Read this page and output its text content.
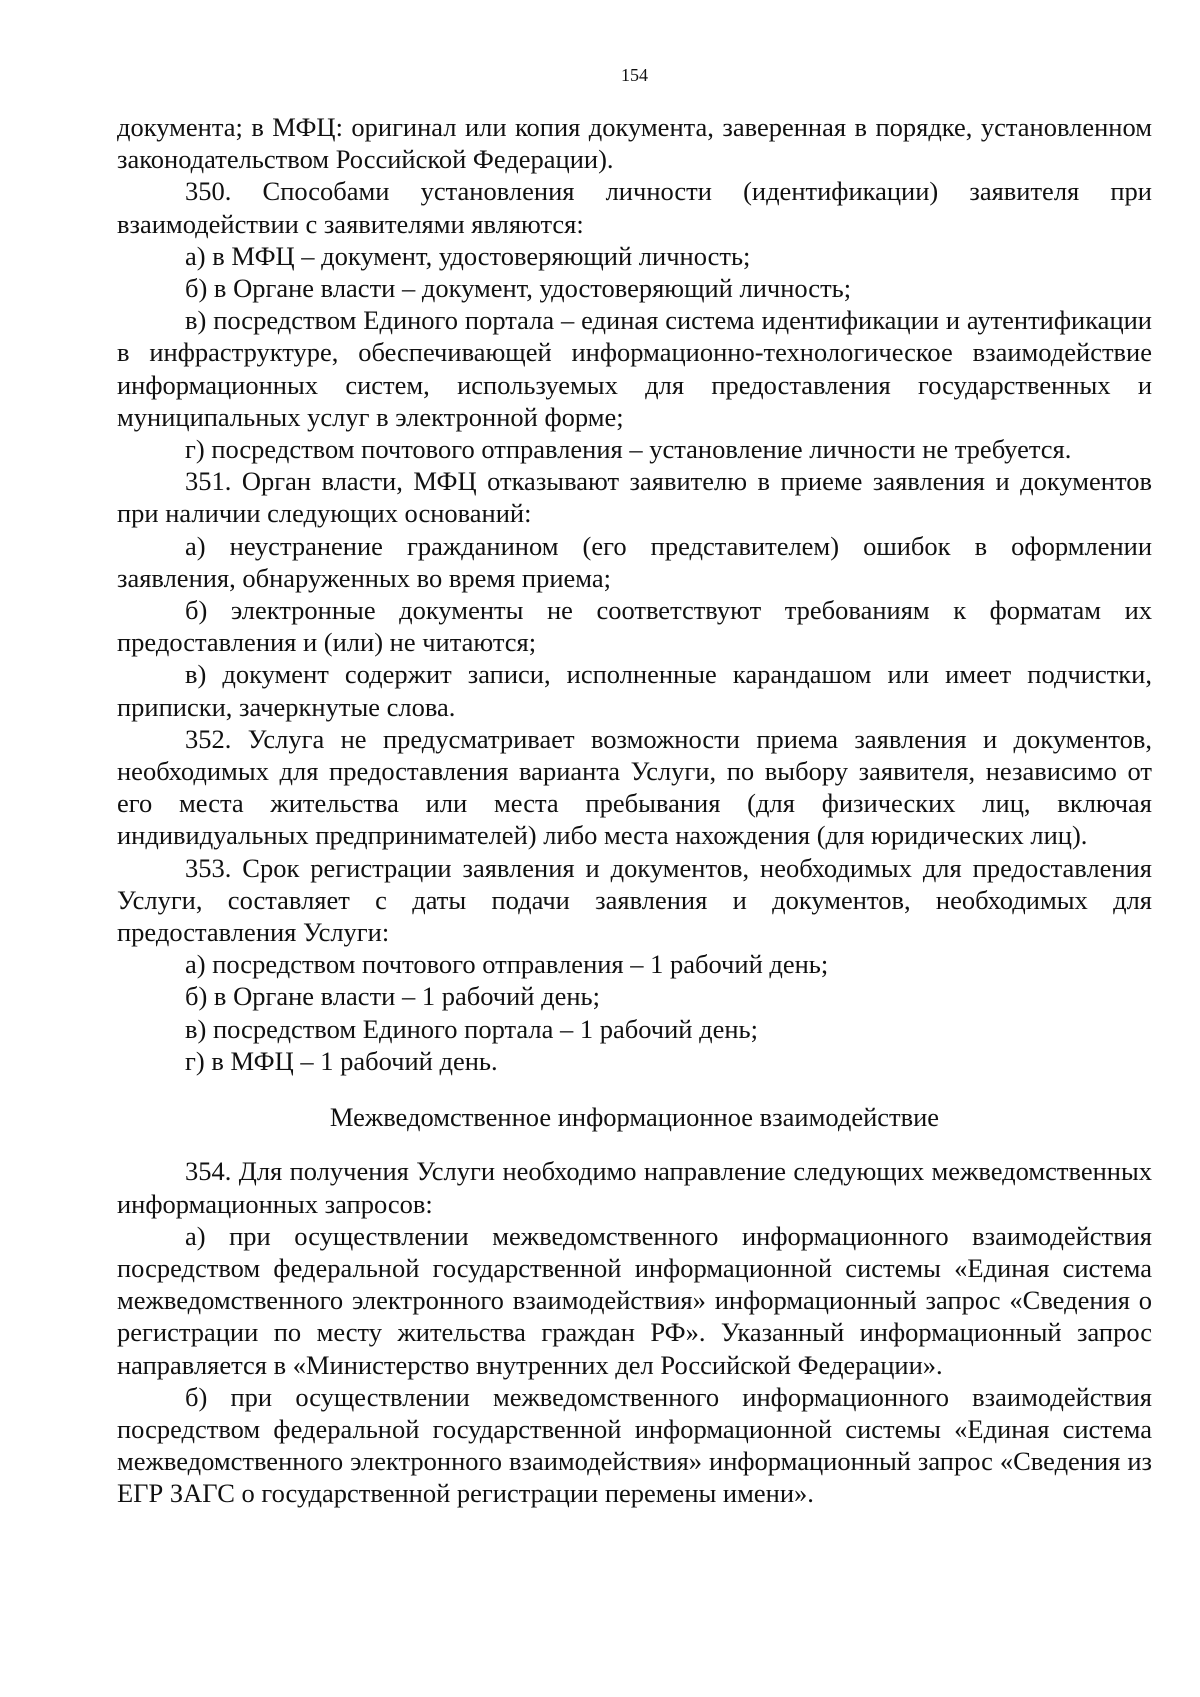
154

документа; в МФЦ: оригинал или копия документа, заверенная в порядке, установленном законодательством Российской Федерации).

350. Способами установления личности (идентификации) заявителя при взаимодействии с заявителями являются:

а) в МФЦ – документ, удостоверяющий личность;

б) в Органе власти – документ, удостоверяющий личность;

в) посредством Единого портала – единая система идентификации и аутентификации в инфраструктуре, обеспечивающей информационно-технологическое взаимодействие информационных систем, используемых для предоставления государственных и муниципальных услуг в электронной форме;

г) посредством почтового отправления – установление личности не требуется.

351. Орган власти, МФЦ отказывают заявителю в приеме заявления и документов при наличии следующих оснований:

а) неустранение гражданином (его представителем) ошибок в оформлении заявления, обнаруженных во время приема;

б) электронные документы не соответствуют требованиям к форматам их предоставления и (или) не читаются;

в) документ содержит записи, исполненные карандашом или имеет подчистки, приписки, зачеркнутые слова.

352. Услуга не предусматривает возможности приема заявления и документов, необходимых для предоставления варианта Услуги, по выбору заявителя, независимо от его места жительства или места пребывания (для физических лиц, включая индивидуальных предпринимателей) либо места нахождения (для юридических лиц).

353. Срок регистрации заявления и документов, необходимых для предоставления Услуги, составляет с даты подачи заявления и документов, необходимых для предоставления Услуги:

а) посредством почтового отправления – 1 рабочий день;

б) в Органе власти – 1 рабочий день;

в) посредством Единого портала – 1 рабочий день;

г) в МФЦ – 1 рабочий день.

Межведомственное информационное взаимодействие

354. Для получения Услуги необходимо направление следующих межведомственных информационных запросов:

а) при осуществлении межведомственного информационного взаимодействия посредством федеральной государственной информационной системы «Единая система межведомственного электронного взаимодействия» информационный запрос «Сведения о регистрации по месту жительства граждан РФ». Указанный информационный запрос направляется в «Министерство внутренних дел Российской Федерации».

б) при осуществлении межведомственного информационного взаимодействия посредством федеральной государственной информационной системы «Единая система межведомственного электронного взаимодействия» информационный запрос «Сведения из ЕГР ЗАГС о государственной регистрации перемены имени».
